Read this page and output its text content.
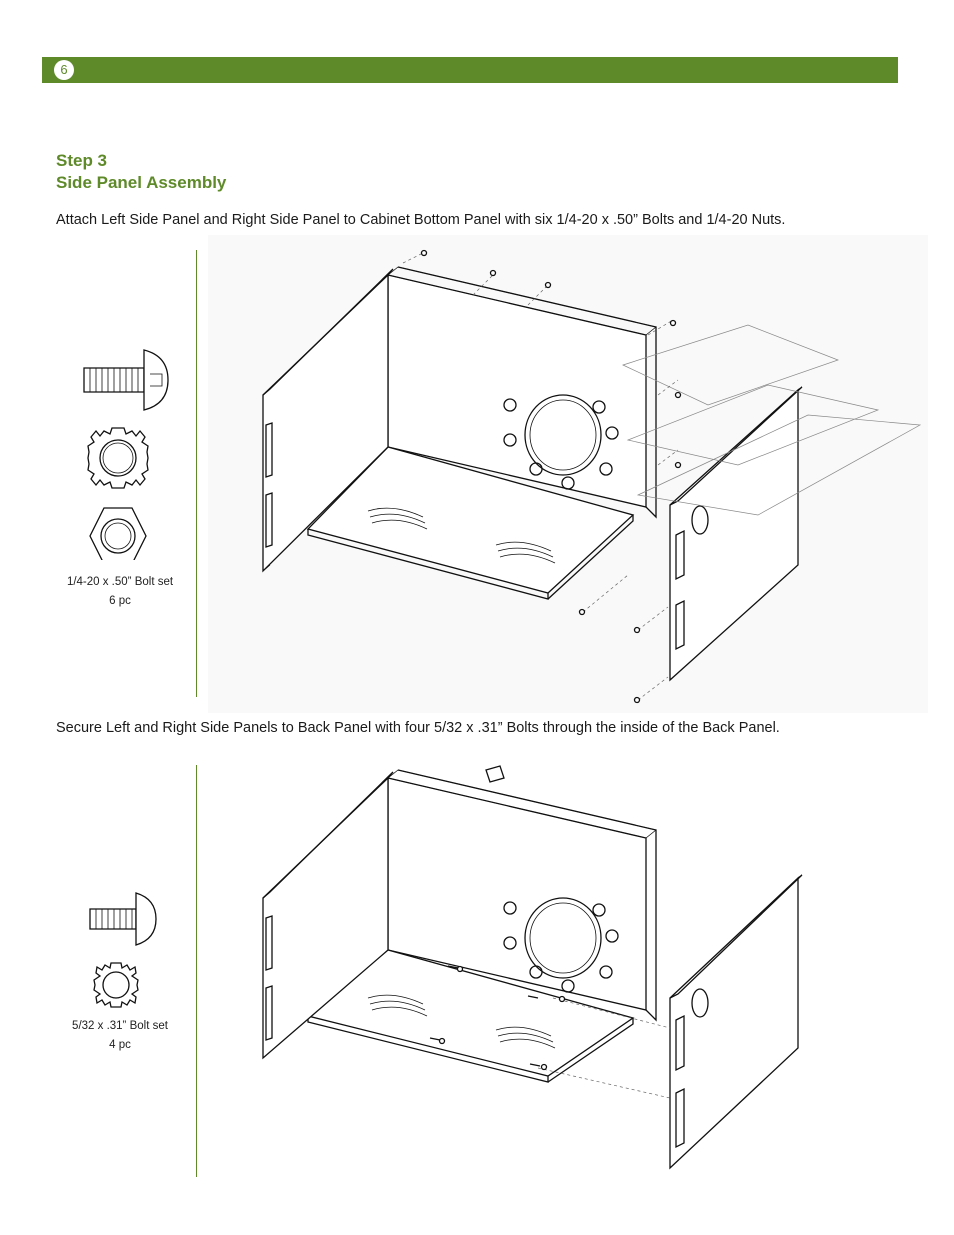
6
Step 3
Side Panel Assembly
Attach Left Side Panel and Right Side Panel to Cabinet Bottom Panel with six 1/4-20 x .50” Bolts and 1/4-20 Nuts.
1/4-20 x .50” Bolt set
6 pc
Secure Left and Right Side Panels to Back Panel with four 5/32 x .31” Bolts through the inside of the Back Panel.
5/32 x .31” Bolt set
4 pc
